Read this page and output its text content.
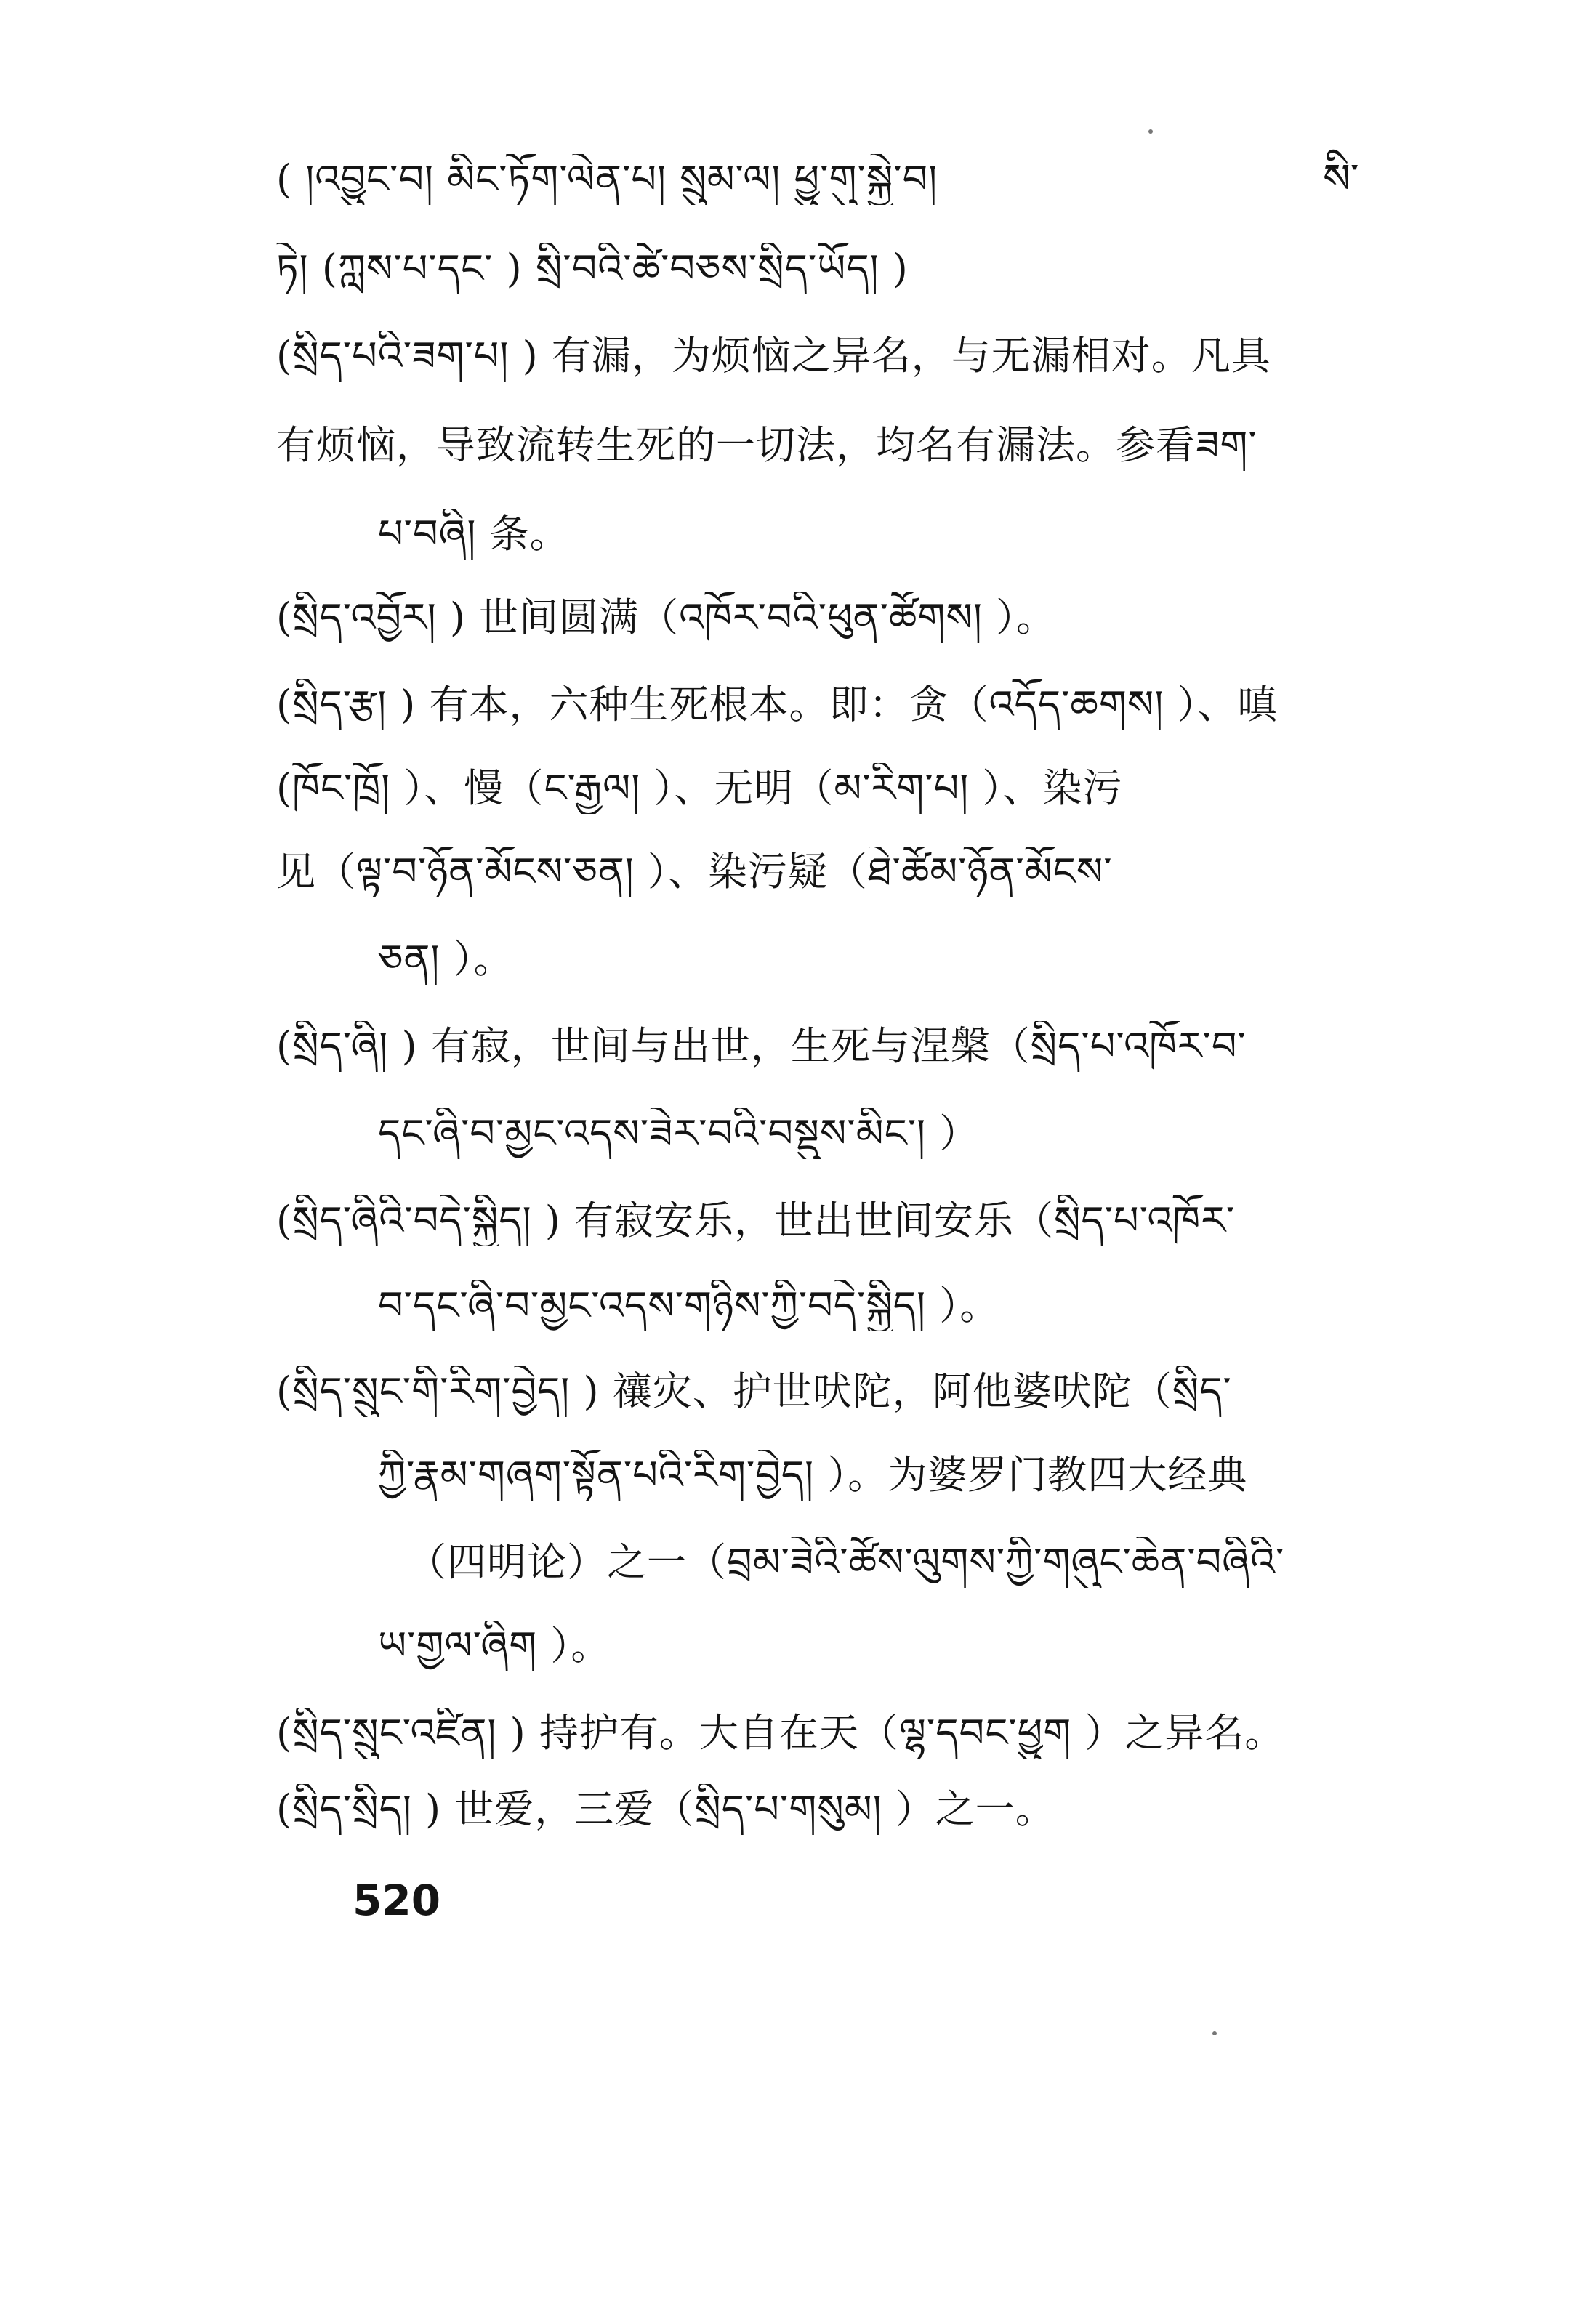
སི་
( །འབྱུང་བ། མིང་ཏོག་ལེན་པ། སྲུམ་ལ། ཕྱུ་གུ་སྐྱེ་བ།
ཏེ། (ཀླས་པ་དང་ ) སྲི་བའི་ཚེ་བཅས་སྲིད་ཡོད། )
(སྲིད་པའི་ཟག་པ། ) 有漏，为烦恼之异名，与无漏相对。凡具
有烦恼，导致流转生死的一切法，均名有漏法。参看ཟག་
པ་བཞི། 条。
(སྲིད་འབྱོར། ) 世间圆满（འཁོར་བའི་ཕུན་ཚོགས། ）。
(སྲིད་རྩ། ) 有本，六种生死根本。即：贪（འདོད་ཆགས། ）、嗔
(ཁོང་ཁྲོ། ）、慢（ང་རྒྱལ། ）、无明（མ་རིག་པ། ）、染污
见（ལྟ་བ་ཉོན་མོངས་ཅན། ）、染污疑（ཐེ་ཚོམ་ཉོན་མོངས་
ཅན། ）。
(སྲིད་ཞི། ) 有寂，世间与出世，生死与涅槃（སྲིད་པ་འཁོར་བ་
དང་ཞི་བ་མྱང་འདས་ཟེར་བའི་བསྡུས་མིང་། ）
(སྲིད་ཞིའི་བདེ་སྐྱིད། ) 有寂安乐，世出世间安乐（སྲིད་པ་འཁོར་
བ་དང་ཞི་བ་མྱང་འདས་གཉིས་ཀྱི་བདེ་སྐྱིད། ）。
(སྲིད་སྲུང་གི་རིག་བྱེད། ) 禳灾、护世吠陀，阿他婆吠陀（སྲིད་
ཀྱི་རྣམ་གཞག་སྟོན་པའི་རིག་བྱེད། ）。为婆罗门教四大经典
（四明论）之一（བྲམ་ཟེའི་ཚོས་ལུགས་ཀྱི་གཞུང་ཆེན་བཞིའི་
ཡ་གྱལ་ཞིག ）。
(སྲིད་སྲུང་འཛིན། ) 持护有。大自在天（ལྷ་དབང་ཕྱུག ）之异名。
(སྲིད་སྲིད། ) 世爱，三爱（སྲིད་པ་གསུམ། ）之一。
520
